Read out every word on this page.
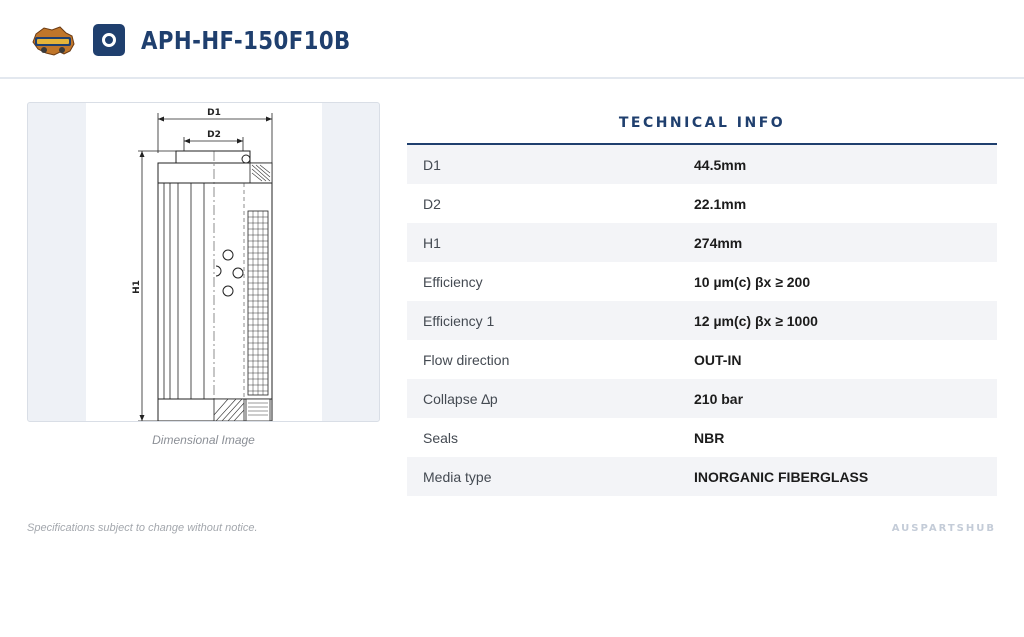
APH-HF-150F10B
D1
D2
H1
Dimensional Image
TECHNICAL INFO
D1	44.5mm
D2	22.1mm
H1	274mm
Efficiency	10 µm(c) βx ≥ 200
Efficiency 1	12 µm(c) βx ≥ 1000
Flow direction	OUT-IN
Collapse ∆p	210 bar
Seals	NBR
Media type	INORGANIC FIBERGLASS
Specifications subject to change without notice.	AUSPARTSHUB
